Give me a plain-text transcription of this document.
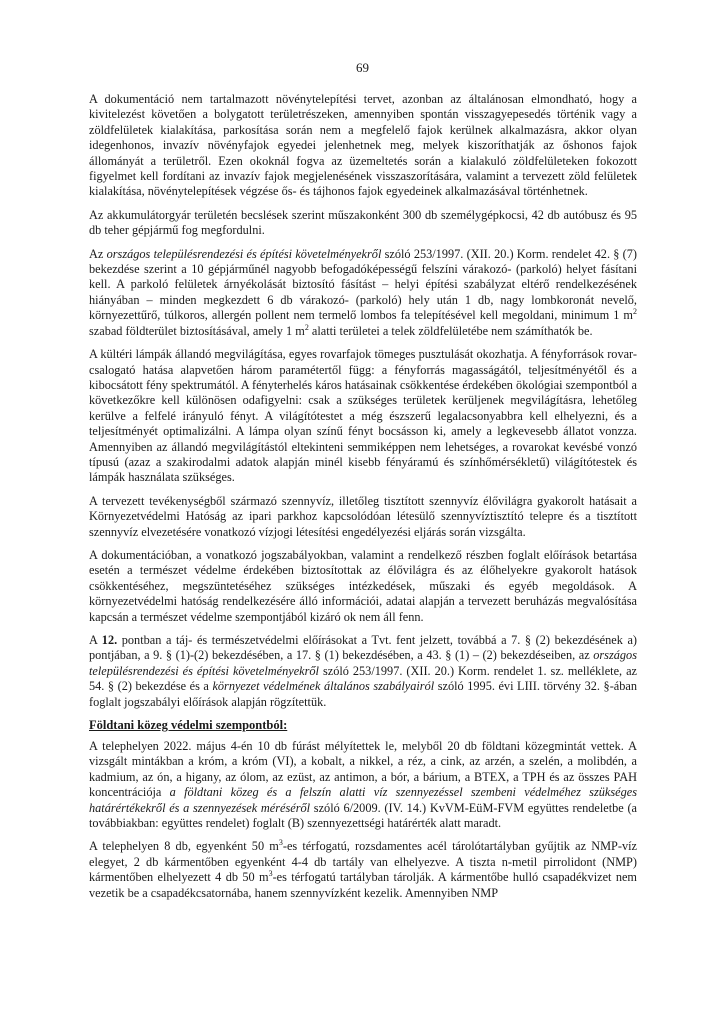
69

A dokumentáció nem tartalmazott növénytelepítési tervet, azonban az általánosan elmondható, hogy a kivitelezést követően a bolygatott területrészeken, amennyiben spontán visszagyepesedés történik vagy a zöldfelületek kialakítása, parkosítása során nem a megfelelő fajok kerülnek alkalmazásra, akkor olyan idegenhonos, invazív növényfajok egyedei jelenhetnek meg, melyek kiszoríthatják az őshonos fajok állományát a területről. Ezen okoknál fogva az üzemeltetés során a kialakuló zöldfelületeken fokozott figyelmet kell fordítani az invazív fajok megjelenésének visszaszorítására, valamint a tervezett zöld felületek kialakítása, növénytelepítések végzése ős- és tájhonos fajok egyedeinek alkalmazásával történhetnek.

Az akkumulátorgyár területén becslések szerint műszakonként 300 db személygépkocsi, 42 db autóbusz és 95 db teher gépjármű fog megfordulni.

Az országos településrendezési és építési követelményekről szóló 253/1997. (XII. 20.) Korm. rendelet 42. § (7) bekezdése szerint a 10 gépjárműnél nagyobb befogadóképességű felszíni várakozó- (parkoló) helyet fásítani kell. A parkoló felületek árnyékolását biztosító fásítást – helyi építési szabályzat eltérő rendelkezésének hiányában – minden megkezdett 6 db várakozó- (parkoló) hely után 1 db, nagy lombkoronát nevelő, környezettűrő, túlkoros, allergén pollent nem termelő lombos fa telepítésével kell megoldani, minimum 1 $m^2$ szabad földterület biztosításával, amely 1 $m^2$ alatti területei a telek zöldfelületébe nem számíthatók be.

A kültéri lámpák állandó megvilágítása, egyes rovarfajok tömeges pusztulását okozhatja. A fényforrások rovar-csalogató hatása alapvetően három paramétertől függ: a fényforrás magasságától, teljesítményétől és a kibocsátott fény spektrumától. A fényterhelés káros hatásainak csökkentése érdekében ökológiai szempontból a következőkre kell különösen odafigyelni: csak a szükséges területek kerüljenek megvilágításra, lehetőleg kerülve a felfelé irányuló fényt. A világítótestet a még észszerű legalacsonyabbra kell elhelyezni, és a teljesítményét optimalizálni. A lámpa olyan színű fényt bocsásson ki, amely a legkevesebb állatot vonzza. Amennyiben az állandó megvilágítástól eltekinteni semmiképpen nem lehetséges, a rovarokat kevésbé vonzó típusú (azaz a szakirodalmi adatok alapján minél kisebb fényáramú és színhőmérsékletű) világítótestek és lámpák használata szükséges.

A tervezett tevékenységből származó szennyvíz, illetőleg tisztított szennyvíz élővilágra gyakorolt hatásait a Környezetvédelmi Hatóság az ipari parkhoz kapcsolódóan létesülő szennyvíztisztító telepre és a tisztított szennyvíz elvezetésére vonatkozó vízjogi létesítési engedélyezési eljárás során vizsgálta.

A dokumentációban, a vonatkozó jogszabályokban, valamint a rendelkező részben foglalt előírások betartása esetén a természet védelme érdekében biztosítottak az élővilágra és az élőhelyekre gyakorolt hatások csökkentéséhez, megszüntetéséhez szükséges intézkedések, műszaki és egyéb megoldások. A környezetvédelmi hatóság rendelkezésére álló információi, adatai alapján a tervezett beruházás megvalósítása kapcsán a természet védelme szempontjából kizáró ok nem áll fenn.

A 12. pontban a táj- és természetvédelmi előírásokat a Tvt. fent jelzett, továbbá a 7. § (2) bekezdésének a) pontjában, a 9. § (1)-(2) bekezdésében, a 17. § (1) bekezdésében, a 43. § (1) – (2) bekezdéseiben, az országos településrendezési és építési követelményekről szóló 253/1997. (XII. 20.) Korm. rendelet 1. sz. melléklete, az 54. § (2) bekezdése és a környezet védelmének általános szabályairól szóló 1995. évi LIII. törvény 32. §-ában foglalt jogszabályi előírások alapján rögzítettük.

Földtani közeg védelmi szempontból:

A telephelyen 2022. május 4-én 10 db fúrást mélyítettek le, melyből 20 db földtani közegmintát vettek. A vizsgált mintákban a króm, a króm (VI), a kobalt, a nikkel, a réz, a cink, az arzén, a szelén, a molibdén, a kadmium, az ón, a higany, az ólom, az ezüst, az antimon, a bór, a bárium, a BTEX, a TPH és az összes PAH koncentrációja a földtani közeg és a felszín alatti víz szennyezéssel szembeni védelméhez szükséges határértékekről és a szennyezések méréséről szóló 6/2009. (IV. 14.) KvVM-EüM-FVM együttes rendeletbe (a továbbiakban: együttes rendelet) foglalt (B) szennyezettségi határérték alatt maradt.

A telephelyen 8 db, egyenként 50 $m^3-es$ térfogatú, rozsdamentes acél tárolótartályban gyűjtik az NMP-víz elegyet, 2 db kármentőben egyenként 4-4 db tartály van elhelyezve. A tiszta n-metil pirrolidont (NMP) kármentőben elhelyezett 4 db 50 $m^3-es$ térfogatú tartályban tárolják. A kármentőbe hulló csapadékvizet nem vezetik be a csapadékcsatornába, hanem szennyvízként kezelik. Amennyiben NMP
